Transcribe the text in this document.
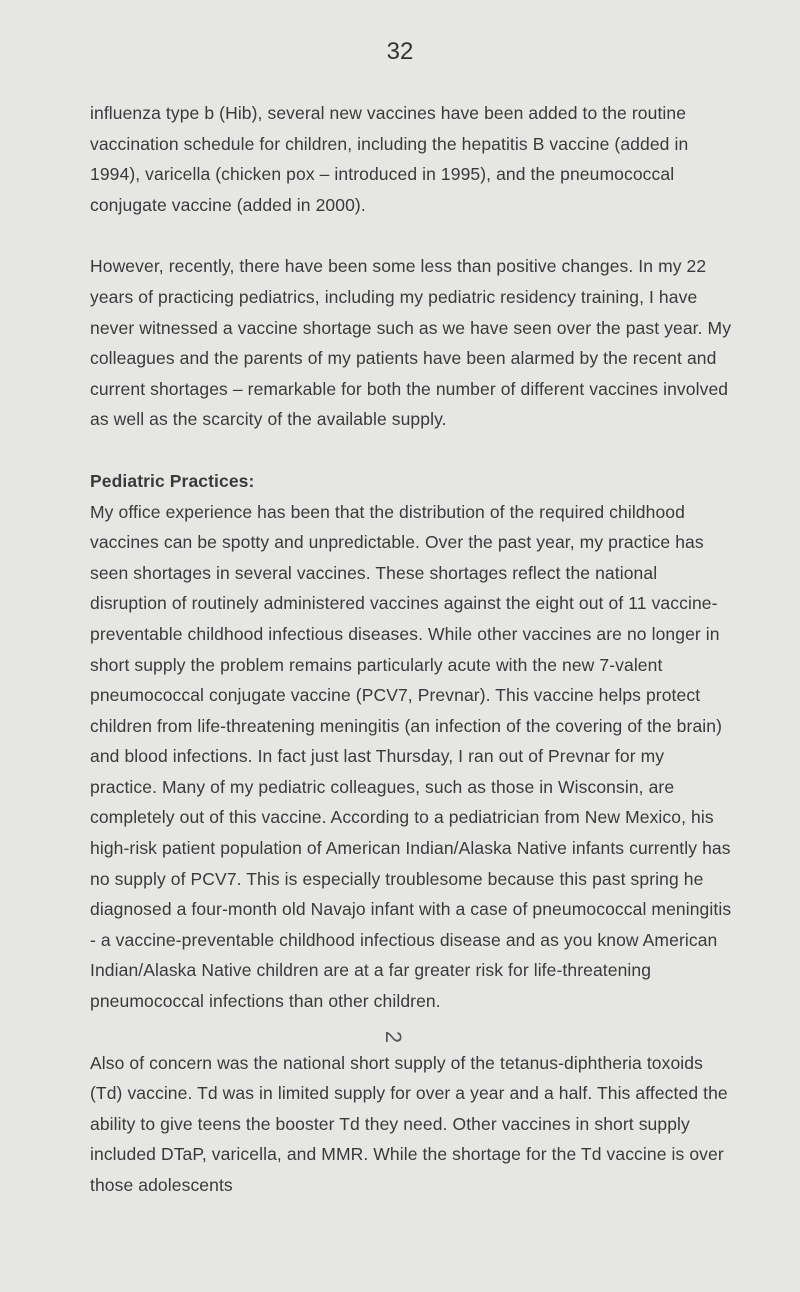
32

influenza type b (Hib), several new vaccines have been added to the routine vaccination schedule for children, including the hepatitis B vaccine (added in 1994), varicella (chicken pox – introduced in 1995), and the pneumococcal conjugate vaccine (added in 2000).

However, recently, there have been some less than positive changes. In my 22 years of practicing pediatrics, including my pediatric residency training, I have never witnessed a vaccine shortage such as we have seen over the past year. My colleagues and the parents of my patients have been alarmed by the recent and current shortages – remarkable for both the number of different vaccines involved as well as the scarcity of the available supply.

Pediatric Practices:

My office experience has been that the distribution of the required childhood vaccines can be spotty and unpredictable. Over the past year, my practice has seen shortages in several vaccines. These shortages reflect the national disruption of routinely administered vaccines against the eight out of 11 vaccine-preventable childhood infectious diseases. While other vaccines are no longer in short supply the problem remains particularly acute with the new 7-valent pneumococcal conjugate vaccine (PCV7, Prevnar). This vaccine helps protect children from life-threatening meningitis (an infection of the covering of the brain) and blood infections. In fact just last Thursday, I ran out of Prevnar for my practice. Many of my pediatric colleagues, such as those in Wisconsin, are completely out of this vaccine. According to a pediatrician from New Mexico, his high-risk patient population of American Indian/Alaska Native infants currently has no supply of PCV7. This is especially troublesome because this past spring he diagnosed a four-month old Navajo infant with a case of pneumococcal meningitis - a vaccine-preventable childhood infectious disease and as you know American Indian/Alaska Native children are at a far greater risk for life-threatening pneumococcal infections than other children.

Also of concern was the national short supply of the tetanus-diphtheria toxoids (Td) vaccine. Td was in limited supply for over a year and a half. This affected the ability to give teens the booster Td they need. Other vaccines in short supply included DTaP, varicella, and MMR. While the shortage for the Td vaccine is over those adolescents

2
